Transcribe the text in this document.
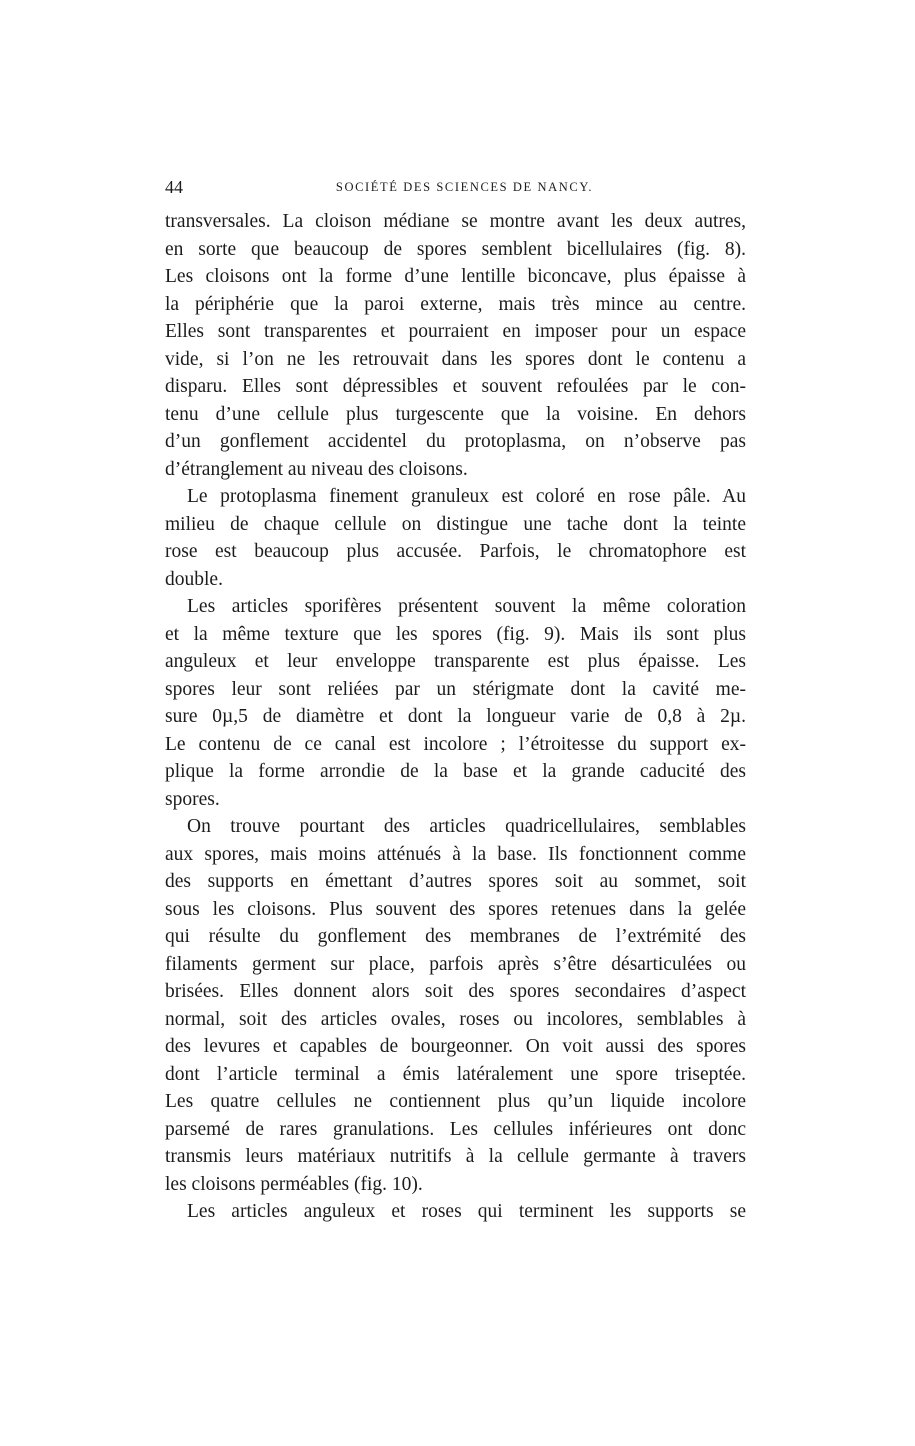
44	SOCIÉTÉ DES SCIENCES DE NANCY.
transversales. La cloison médiane se montre avant les deux autres,
en sorte que beaucoup de spores semblent bicellulaires (fig. 8).
Les cloisons ont la forme d’une lentille biconcave, plus épaisse à
la périphérie que la paroi externe, mais très mince au centre.
Elles sont transparentes et pourraient en imposer pour un espace
vide, si l’on ne les retrouvait dans les spores dont le contenu a
disparu. Elles sont dépressibles et souvent refoulées par le con-
tenu d’une cellule plus turgescente que la voisine. En dehors
d’un gonflement accidentel du protoplasma, on n’observe pas
d’étranglement au niveau des cloisons.
Le protoplasma finement granuleux est coloré en rose pâle. Au
milieu de chaque cellule on distingue une tache dont la teinte
rose est beaucoup plus accusée. Parfois, le chromatophore est
double.
Les articles sporifères présentent souvent la même coloration
et la même texture que les spores (fig. 9). Mais ils sont plus
anguleux et leur enveloppe transparente est plus épaisse. Les
spores leur sont reliées par un stérigmate dont la cavité me-
sure 0µ,5 de diamètre et dont la longueur varie de 0,8 à 2µ.
Le contenu de ce canal est incolore ; l’étroitesse du support ex-
plique la forme arrondie de la base et la grande caducité des
spores.
On trouve pourtant des articles quadricellulaires, semblables
aux spores, mais moins atténués à la base. Ils fonctionnent comme
des supports en émettant d’autres spores soit au sommet, soit
sous les cloisons. Plus souvent des spores retenues dans la gelée
qui résulte du gonflement des membranes de l’extrémité des
filaments germent sur place, parfois après s’être désarticulées ou
brisées. Elles donnent alors soit des spores secondaires d’aspect
normal, soit des articles ovales, roses ou incolores, semblables à
des levures et capables de bourgeonner. On voit aussi des spores
dont l’article terminal a émis latéralement une spore triseptée.
Les quatre cellules ne contiennent plus qu’un liquide incolore
parsemé de rares granulations. Les cellules inférieures ont donc
transmis leurs matériaux nutritifs à la cellule germante à travers
les cloisons perméables (fig. 10).
Les articles anguleux et roses qui terminent les supports se
